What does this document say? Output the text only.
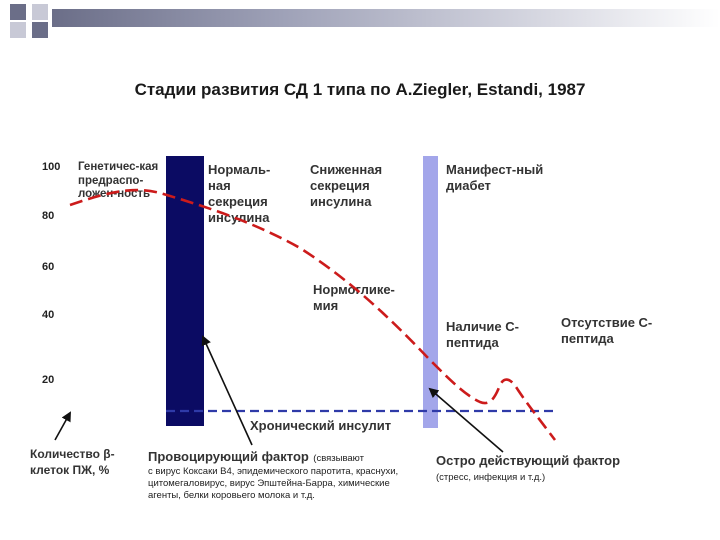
Стадии развития СД 1 типа по A.Ziegler, Estandi, 1987
100
80
60
40
20
Генетичес-кая предраспо-ложен-ность
Нормаль-ная секреция инсулина
Сниженная секреция инсулина
Нормоглике-мия
Манифест-ный диабет
Наличие С-пептида
Отсутствие С-пептида
Хронический инсулит
Количество β-клеток ПЖ, %
Провоцирующий фактор (связывают
с вирус Коксаки В4, эпидемического паротита, краснухи, цитомегаловирус, вирус Эпштейна-Барра, химические агенты, белки коровьего молока и т.д.
Остро действующий фактор
(стресс, инфекция и т.д.)
